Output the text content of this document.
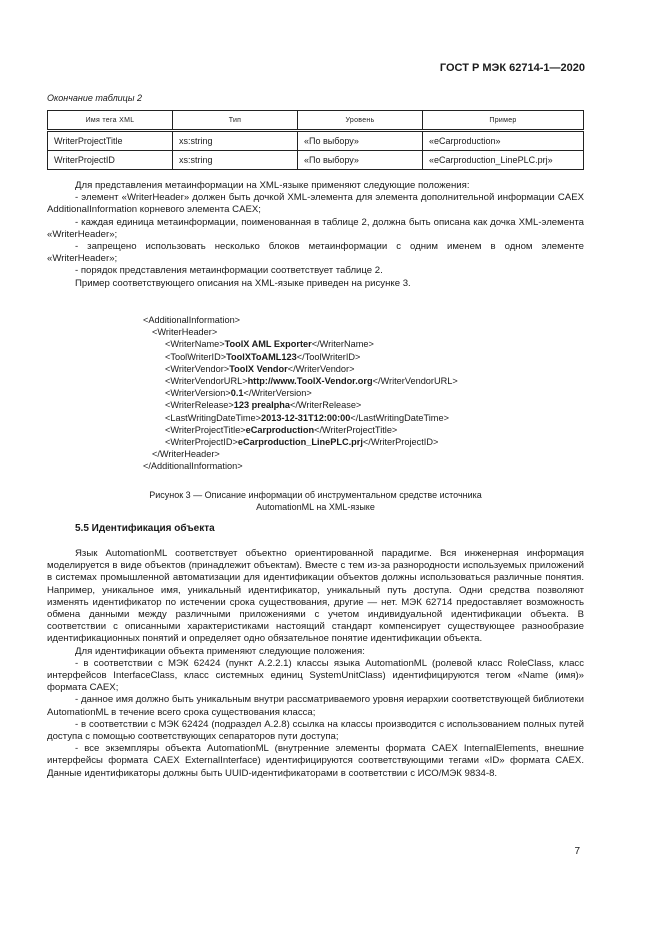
ГОСТ Р МЭК 62714-1—2020
Окончание таблицы 2
Имя тега XML	Тип	Уровень	Пример
WriterProjectTitle	xs:string	«По выбору»	«eCarproduction»
WriterProjectID	xs:string	«По выбору»	«eCarproduction_LinePLC.prj»
Для представления метаинформации на XML-языке применяют следующие положения:
- элемент «WriterHeader» должен быть дочкой XML-элемента для элемента дополнительной информации CAEX AdditionalInformation корневого элемента CAEX;
- каждая единица метаинформации, поименованная в таблице 2, должна быть описана как дочка XML-элемента «WriterHeader»;
- запрещено использовать несколько блоков метаинформации с одним именем в одном элементе «WriterHeader»;
- порядок представления метаинформации соответствует таблице 2.
Пример соответствующего описания на XML-языке приведен на рисунке 3.
<AdditionalInformation>
<WriterHeader>
<WriterName>ToolX AML Exporter</WriterName>
<ToolWriterID>ToolXToAML123</ToolWriterID>
<WriterVendor>ToolX Vendor</WriterVendor>
<WriterVendorURL>http://www.ToolX-Vendor.org</WriterVendorURL>
<WriterVersion>0.1</WriterVersion>
<WriterRelease>123 prealpha</WriterRelease>
<LastWritingDateTime>2013-12-31T12:00:00</LastWritingDateTime>
<WriterProjectTitle>eCarproduction</WriterProjectTitle>
<WriterProjectID>eCarproduction_LinePLC.prj</WriterProjectID>
</WriterHeader>
</AdditionalInformation>
Рисунок 3 — Описание информации об инструментальном средстве источника
AutomationML на XML-языке
5.5 Идентификация объекта
Язык AutomationML соответствует объектно ориентированной парадигме. Вся инженерная информация моделируется в виде объектов (принадлежит объектам). Вместе с тем из-за разнородности используемых приложений в системах промышленной автоматизации для идентификации объектов должны использоваться различные понятия. Например, уникальное имя, уникальный идентификатор, уникальный путь доступа. Одни средства позволяют изменять идентификатор по истечении срока существования, другие — нет. МЭК 62714 предоставляет возможность обмена данными между различными приложениями с учетом индивидуальной идентификации объекта. В соответствии с описанными характеристиками настоящий стандарт компенсирует существующее разнообразие идентификационных понятий и определяет одно обязательное понятие идентификации объекта.
Для идентификации объекта применяют следующие положения:
- в соответствии с МЭК 62424 (пункт А.2.2.1) классы языка AutomationML (ролевой класс RoleClass, класс интерфейсов InterfaceClass, класс системных единиц SystemUnitClass) идентифицируются тегом «Name (имя)» формата CAEX;
- данное имя должно быть уникальным внутри рассматриваемого уровня иерархии соответствующей библиотеки AutomationML в течение всего срока существования класса;
- в соответствии с МЭК 62424 (подраздел А.2.8) ссылка на классы производится с использованием полных путей доступа с помощью соответствующих сепараторов пути доступа;
- все экземпляры объекта AutomationML (внутренние элементы формата CAEX InternalElements, внешние интерфейсы формата CAEX ExternalInterface) идентифицируются соответствующими тегами «ID» формата CAEX. Данные идентификаторы должны быть UUID-идентификаторами в соответствии с ИСО/МЭК 9834-8.
7
